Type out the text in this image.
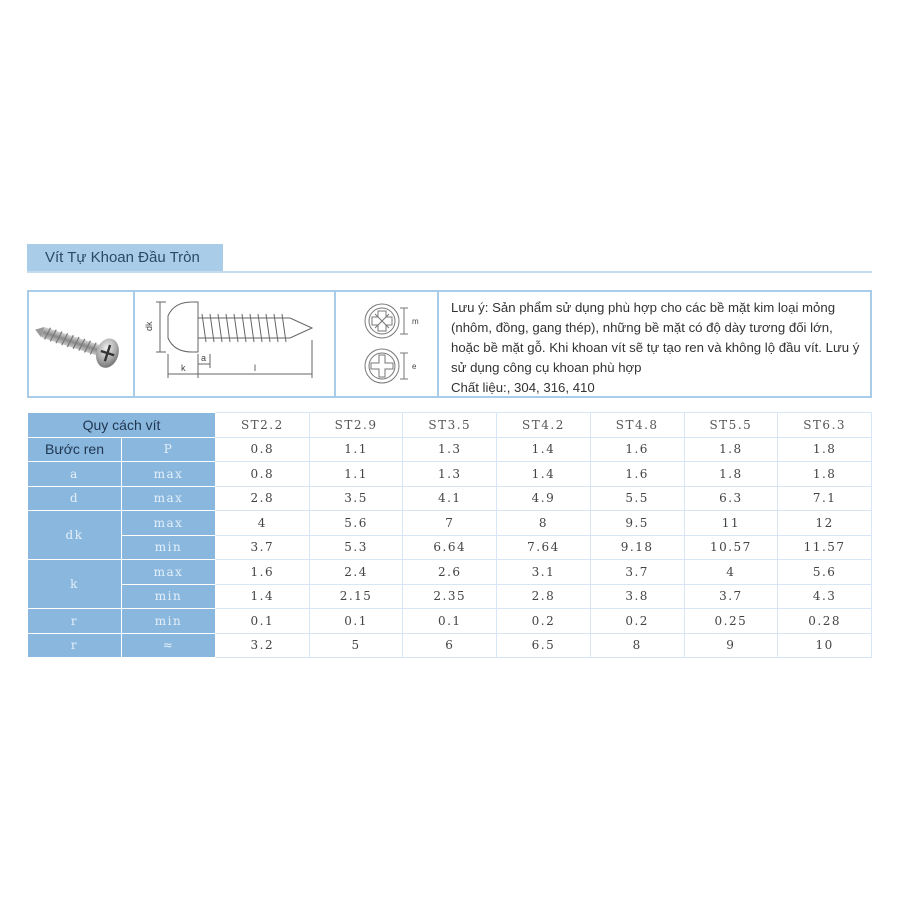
Vít Tự Khoan Đầu Tròn
dk
k
a
l
m
e

Lưu ý: Sản phẩm sử dụng phù hợp cho các bề mặt kim loại mỏng (nhôm, đồng, gang thép), những bề mặt có độ dày tương đối lớn, hoặc bề mặt gỗ. Khi khoan vít sẽ tự tạo ren và không lộ đầu vít. Lưu ý sử dụng công cụ khoan phù hợp

Chất liệu:, 304, 316, 410

Quy cách vít		ST2.2	ST2.9	ST3.5	ST4.2	ST4.8	ST5.5	ST6.3
Bước ren	P	0.8	1.1	1.3	1.4	1.6	1.8	1.8
a	max	0.8	1.1	1.3	1.4	1.6	1.8	1.8
d	max	2.8	3.5	4.1	4.9	5.5	6.3	7.1
dk	max	4	5.6	7	8	9.5	11	12
	min	3.7	5.3	6.64	7.64	9.18	10.57	11.57
k	max	1.6	2.4	2.6	3.1	3.7	4	5.6
	min	1.4	2.15	2.35	2.8	3.8	3.7	4.3
r	min	0.1	0.1	0.1	0.2	0.2	0.25	0.28
r	≈	3.2	5	6	6.5	8	9	10
